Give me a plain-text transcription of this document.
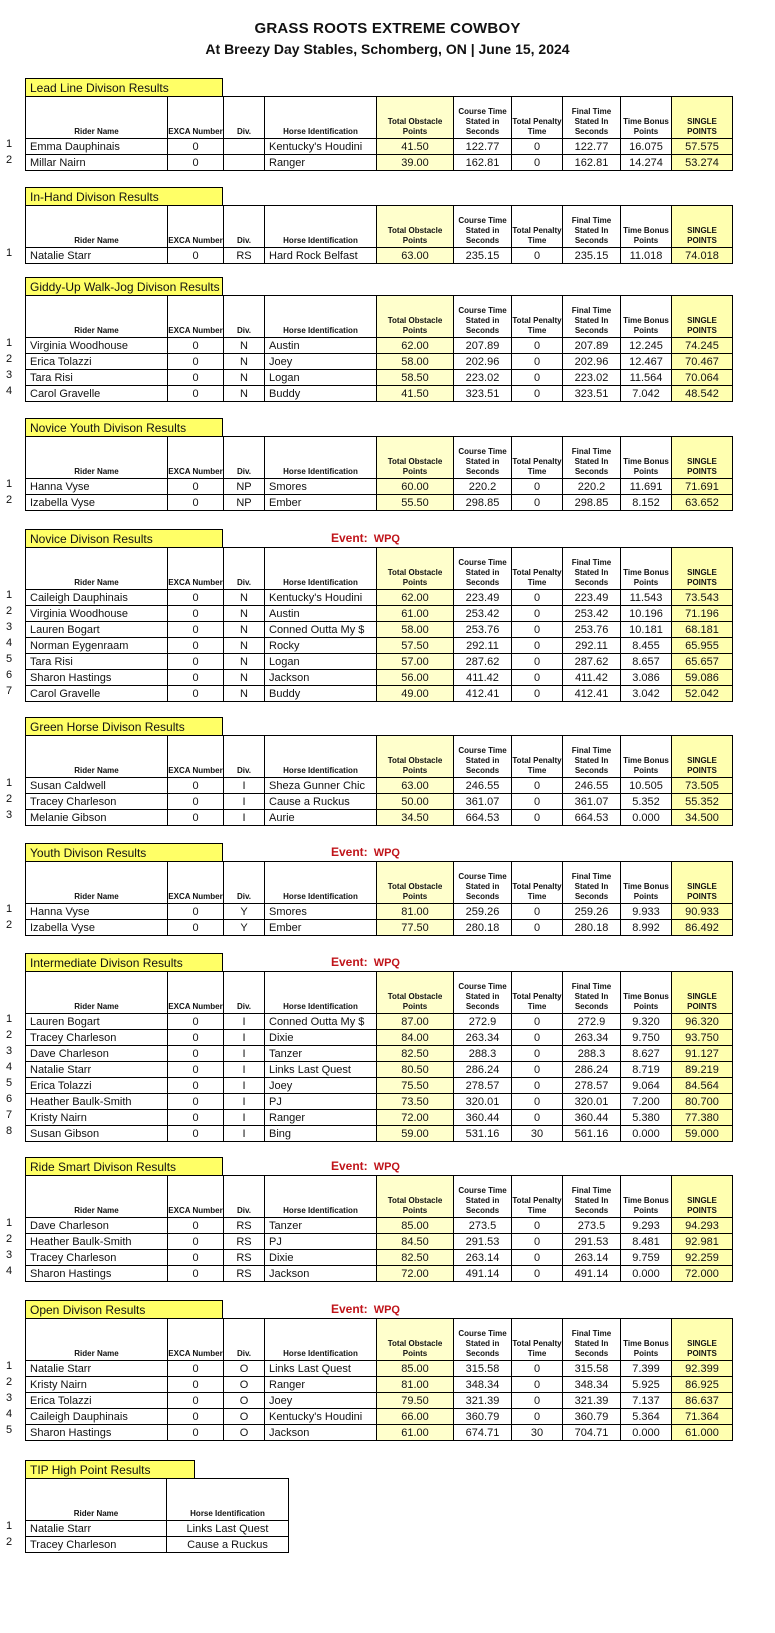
GRASS ROOTS EXTREME COWBOY
At Breezy Day Stables, Schomberg, ON | June 15, 2024
Lead Line Divison Results
1
2
Rider Name	EXCA Number	Div.	Horse Identification	Total Obstacle Points	Course Time Stated in Seconds	Total Penalty Time	Final Time Stated In Seconds	Time Bonus Points	SINGLE POINTS
Emma Dauphinais	0		Kentucky's Houdini	41.50	122.77	0	122.77	16.075	57.575
Millar Nairn	0		Ranger	39.00	162.81	0	162.81	14.274	53.274
In-Hand Divison Results
1
Rider Name	EXCA Number	Div.	Horse Identification	Total Obstacle Points	Course Time Stated in Seconds	Total Penalty Time	Final Time Stated In Seconds	Time Bonus Points	SINGLE POINTS
Natalie Starr	0	RS	Hard Rock Belfast	63.00	235.15	0	235.15	11.018	74.018
Giddy-Up Walk-Jog Divison Results
1
2
3
4
Rider Name	EXCA Number	Div.	Horse Identification	Total Obstacle Points	Course Time Stated in Seconds	Total Penalty Time	Final Time Stated In Seconds	Time Bonus Points	SINGLE POINTS
Virginia Woodhouse	0	N	Austin	62.00	207.89	0	207.89	12.245	74.245
Erica Tolazzi	0	N	Joey	58.00	202.96	0	202.96	12.467	70.467
Tara Risi	0	N	Logan	58.50	223.02	0	223.02	11.564	70.064
Carol Gravelle	0	N	Buddy	41.50	323.51	0	323.51	7.042	48.542
Novice Youth Divison Results
1
2
Rider Name	EXCA Number	Div.	Horse Identification	Total Obstacle Points	Course Time Stated in Seconds	Total Penalty Time	Final Time Stated In Seconds	Time Bonus Points	SINGLE POINTS
Hanna Vyse	0	NP	Smores	60.00	220.2	0	220.2	11.691	71.691
Izabella Vyse	0	NP	Ember	55.50	298.85	0	298.85	8.152	63.652
Novice Divison Results	Event: WPQ
1
2
3
4
5
6
7
Rider Name	EXCA Number	Div.	Horse Identification	Total Obstacle Points	Course Time Stated in Seconds	Total Penalty Time	Final Time Stated In Seconds	Time Bonus Points	SINGLE POINTS
Caileigh Dauphinais	0	N	Kentucky's Houdini	62.00	223.49	0	223.49	11.543	73.543
Virginia Woodhouse	0	N	Austin	61.00	253.42	0	253.42	10.196	71.196
Lauren Bogart	0	N	Conned Outta My $	58.00	253.76	0	253.76	10.181	68.181
Norman Eygenraam	0	N	Rocky	57.50	292.11	0	292.11	8.455	65.955
Tara Risi	0	N	Logan	57.00	287.62	0	287.62	8.657	65.657
Sharon Hastings	0	N	Jackson	56.00	411.42	0	411.42	3.086	59.086
Carol Gravelle	0	N	Buddy	49.00	412.41	0	412.41	3.042	52.042
Green Horse Divison Results
1
2
3
Rider Name	EXCA Number	Div.	Horse Identification	Total Obstacle Points	Course Time Stated in Seconds	Total Penalty Time	Final Time Stated In Seconds	Time Bonus Points	SINGLE POINTS
Susan Caldwell	0	I	Sheza Gunner Chic	63.00	246.55	0	246.55	10.505	73.505
Tracey Charleson	0	I	Cause a Ruckus	50.00	361.07	0	361.07	5.352	55.352
Melanie Gibson	0	I	Aurie	34.50	664.53	0	664.53	0.000	34.500
Youth Divison Results	Event: WPQ
1
2
Rider Name	EXCA Number	Div.	Horse Identification	Total Obstacle Points	Course Time Stated in Seconds	Total Penalty Time	Final Time Stated In Seconds	Time Bonus Points	SINGLE POINTS
Hanna Vyse	0	Y	Smores	81.00	259.26	0	259.26	9.933	90.933
Izabella Vyse	0	Y	Ember	77.50	280.18	0	280.18	8.992	86.492
Intermediate Divison Results	Event: WPQ
1
2
3
4
5
6
7
8
Rider Name	EXCA Number	Div.	Horse Identification	Total Obstacle Points	Course Time Stated in Seconds	Total Penalty Time	Final Time Stated In Seconds	Time Bonus Points	SINGLE POINTS
Lauren Bogart	0	I	Conned Outta My $	87.00	272.9	0	272.9	9.320	96.320
Tracey Charleson	0	I	Dixie	84.00	263.34	0	263.34	9.750	93.750
Dave Charleson	0	I	Tanzer	82.50	288.3	0	288.3	8.627	91.127
Natalie Starr	0	I	Links Last Quest	80.50	286.24	0	286.24	8.719	89.219
Erica Tolazzi	0	I	Joey	75.50	278.57	0	278.57	9.064	84.564
Heather Baulk-Smith	0	I	PJ	73.50	320.01	0	320.01	7.200	80.700
Kristy Nairn	0	I	Ranger	72.00	360.44	0	360.44	5.380	77.380
Susan Gibson	0	I	Bing	59.00	531.16	30	561.16	0.000	59.000
Ride Smart Divison Results	Event: WPQ
1
2
3
4
Rider Name	EXCA Number	Div.	Horse Identification	Total Obstacle Points	Course Time Stated in Seconds	Total Penalty Time	Final Time Stated In Seconds	Time Bonus Points	SINGLE POINTS
Dave Charleson	0	RS	Tanzer	85.00	273.5	0	273.5	9.293	94.293
Heather Baulk-Smith	0	RS	PJ	84.50	291.53	0	291.53	8.481	92.981
Tracey Charleson	0	RS	Dixie	82.50	263.14	0	263.14	9.759	92.259
Sharon Hastings	0	RS	Jackson	72.00	491.14	0	491.14	0.000	72.000
Open Divison Results	Event: WPQ
1
2
3
4
5
Rider Name	EXCA Number	Div.	Horse Identification	Total Obstacle Points	Course Time Stated in Seconds	Total Penalty Time	Final Time Stated In Seconds	Time Bonus Points	SINGLE POINTS
Natalie Starr	0	O	Links Last Quest	85.00	315.58	0	315.58	7.399	92.399
Kristy Nairn	0	O	Ranger	81.00	348.34	0	348.34	5.925	86.925
Erica Tolazzi	0	O	Joey	79.50	321.39	0	321.39	7.137	86.637
Caileigh Dauphinais	0	O	Kentucky's Houdini	66.00	360.79	0	360.79	5.364	71.364
Sharon Hastings	0	O	Jackson	61.00	674.71	30	704.71	0.000	61.000
TIP High Point Results
1
2
Rider Name	Horse Identification
Natalie Starr	Links Last Quest
Tracey Charleson	Cause a Ruckus
